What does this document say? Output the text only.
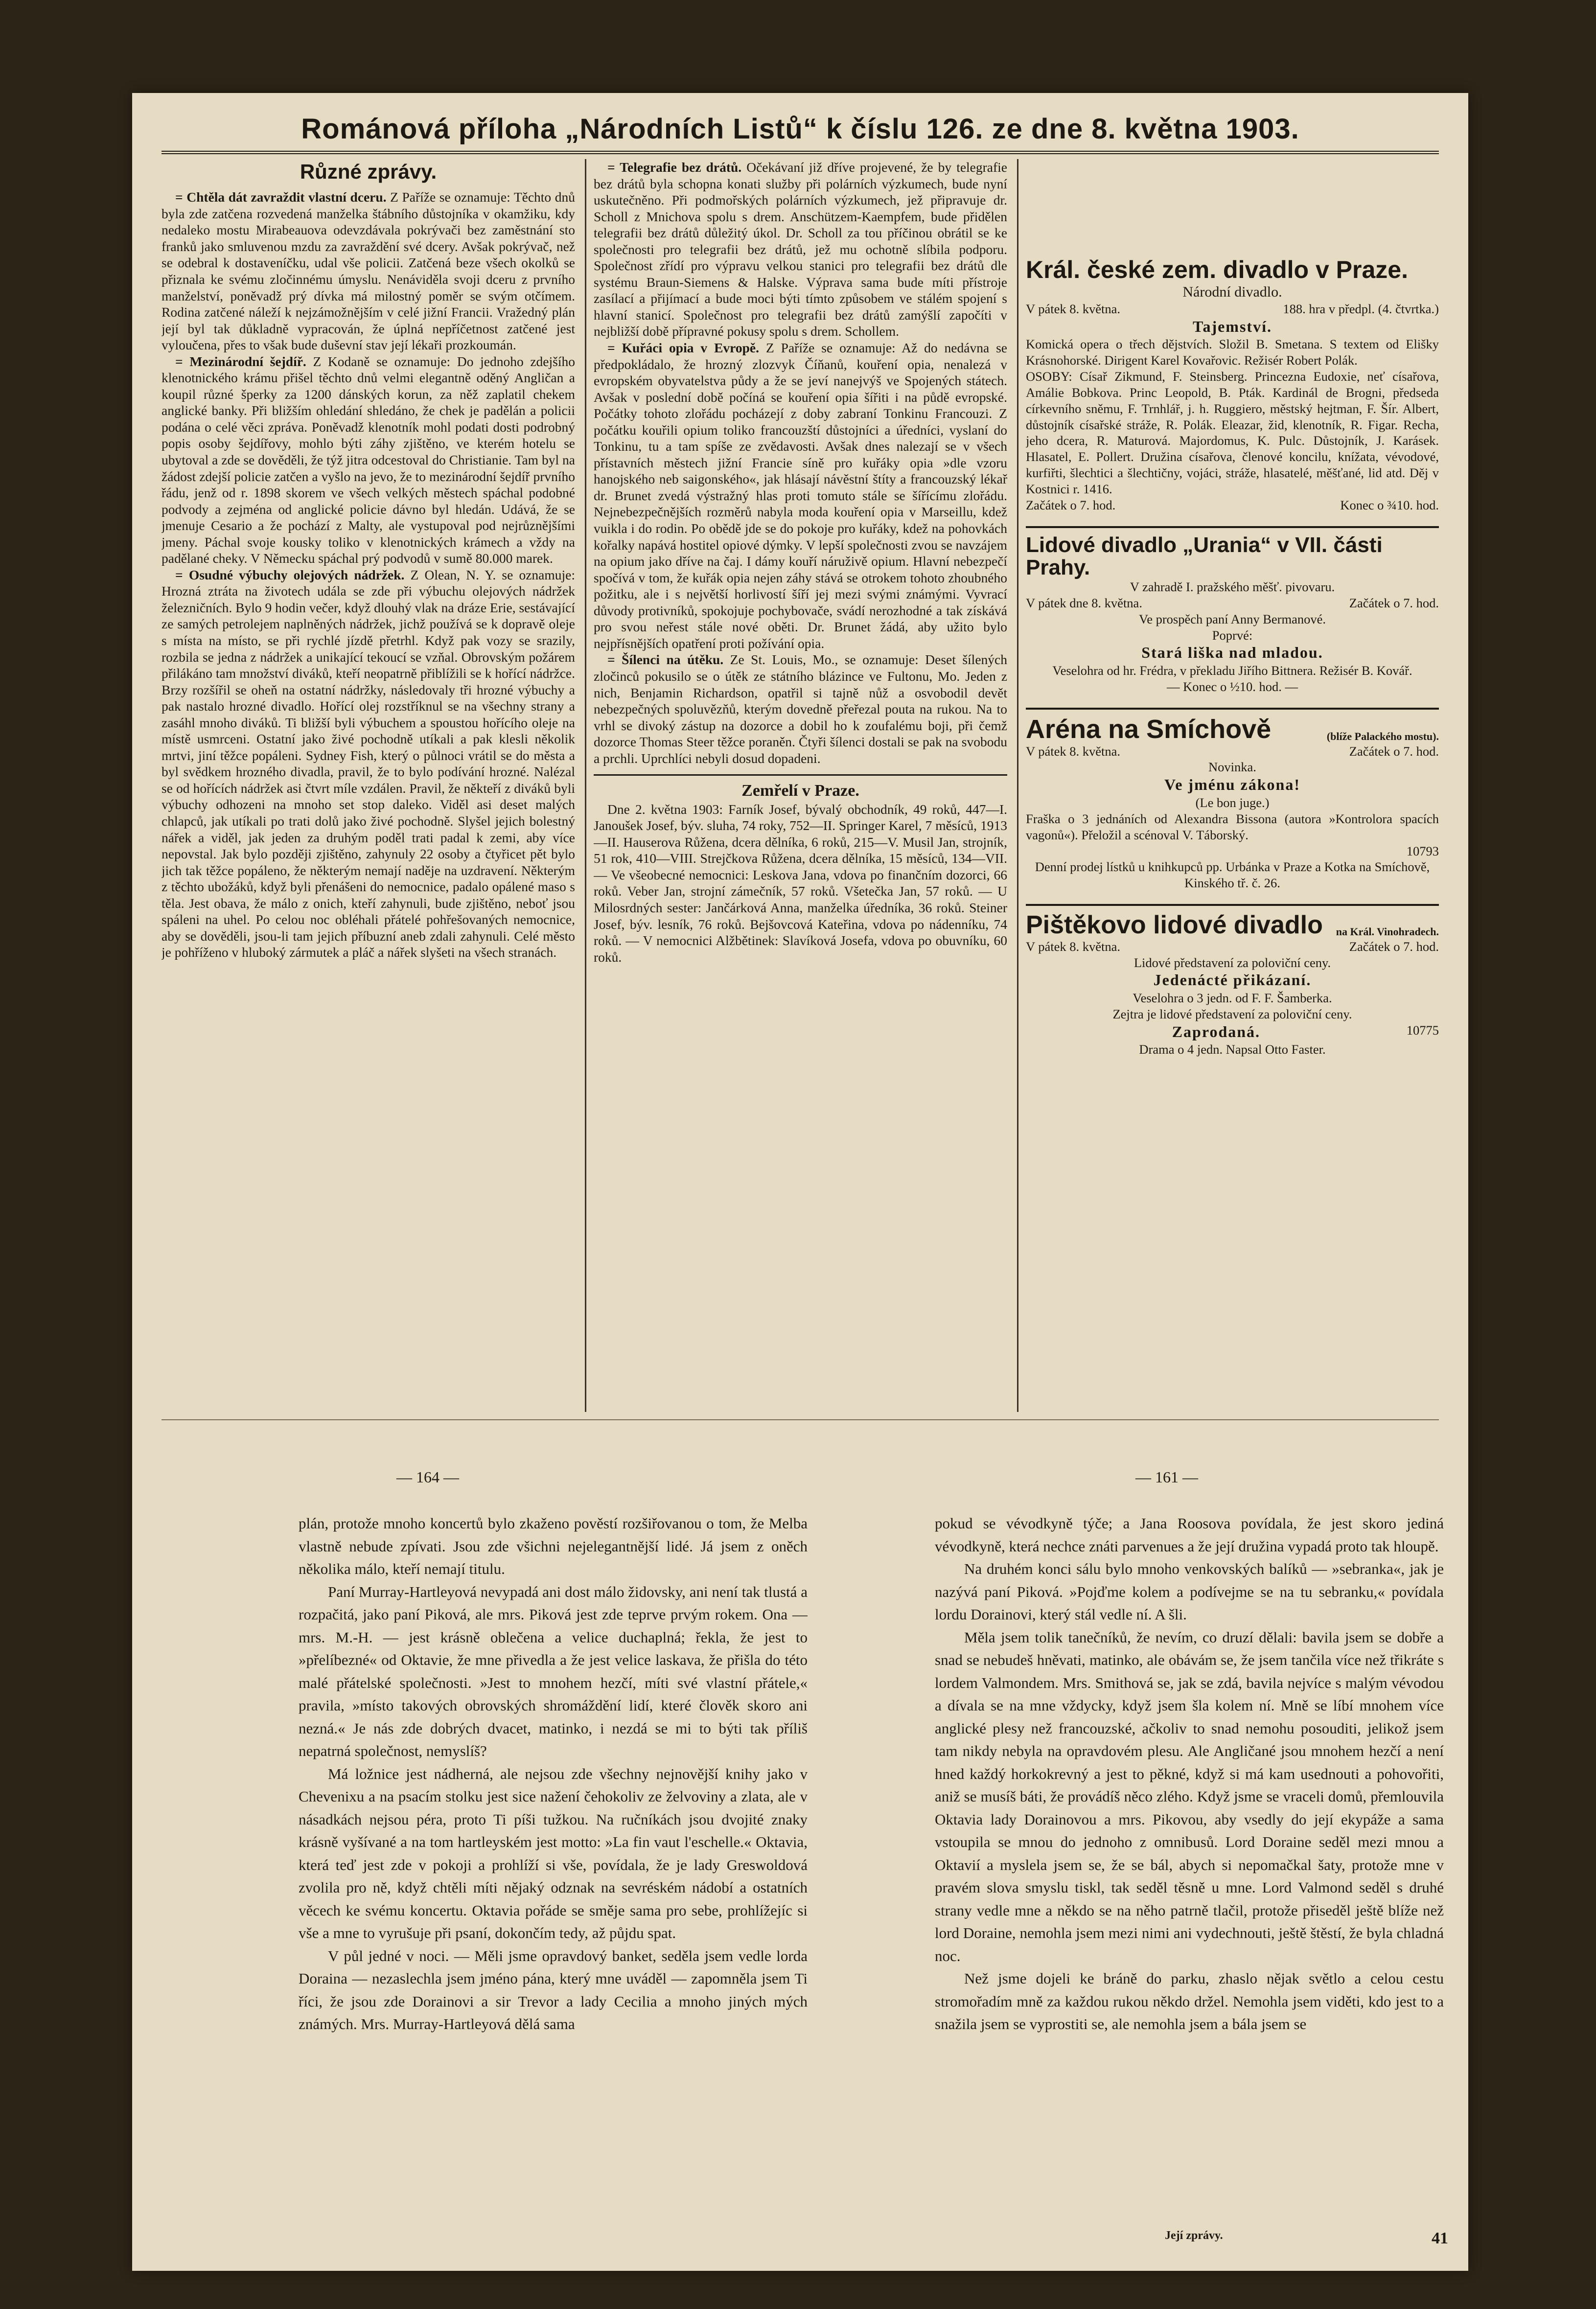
Románová příloha „Národních Listů“ k číslu 126. ze dne 8. května 1903.
Různé zprávy.

= Chtěla dát zavraždit vlastní dceru. Z Paříže se oznamuje: Těchto dnů byla zde zatčena rozvedená manželka štábního důstojníka v okamžiku, kdy nedaleko mostu Mirabeauova odevzdávala pokrývači bez zaměstnání sto franků jako smluvenou mzdu za zavraždění své dcery. Avšak pokrývač, než se odebral k dostaveníčku, udal vše policii. Zatčená beze všech okolků se přiznala ke svému zločinnému úmyslu. Nenáviděla svoji dceru z prvního manželství, poněvadž prý dívka má milostný poměr se svým otčímem. Rodina zatčené náleží k nejzámožnějším v celé jižní Francii. Vražedný plán její byl tak důkladně vypracován, že úplná nepříčetnost zatčené jest vyloučena, přes to však bude duševní stav její lékaři prozkoumán.

= Mezinárodní šejdíř. Z Kodaně se oznamuje: Do jednoho zdejšího klenotnického krámu přišel těchto dnů velmi elegantně oděný Angličan a koupil různé šperky za 1200 dánských korun, za něž zaplatil chekem anglické banky. Při bližším ohledání shledáno, že chek je padělán a policii podána o celé věci zpráva. Poněvadž klenotník mohl podati dosti podrobný popis osoby šejdířovy, mohlo býti záhy zjištěno, ve kterém hotelu se ubytoval a zde se dověděli, že týž jitra odcestoval do Christianie. Tam byl na žádost zdejší policie zatčen a vyšlo na jevo, že to mezinárodní šejdíř prvního řádu, jenž od r. 1898 skorem ve všech velkých městech spáchal podobné podvody a zejména od anglické policie dávno byl hledán. Udává, že se jmenuje Cesario a že pochází z Malty, ale vystupoval pod nejrůznějšími jmeny. Páchal svoje kousky toliko v klenotnických krámech a vždy na padělané cheky. V Německu spáchal prý podvodů v sumě 80.000 marek.

= Osudné výbuchy olejových nádržek. Z Olean, N. Y. se oznamuje: Hrozná ztráta na životech udála se zde při výbuchu olejových nádržek železničních. Bylo 9 hodin večer, když dlouhý vlak na dráze Erie, sestávající ze samých petrolejem naplněných nádržek, jichž používá se k dopravě oleje s místa na místo, se při rychlé jízdě přetrhl. Když pak vozy se srazily, rozbila se jedna z nádržek a unikající tekoucí se vzňal. Obrovským požárem přilákáno tam množství diváků, kteří neopatrně přiblížili se k hořící nádržce. Brzy rozšířil se oheň na ostatní nádržky, následovaly tři hrozné výbuchy a pak nastalo hrozné divadlo. Hořící olej rozstříknul se na všechny strany a zasáhl mnoho diváků. Ti bližší byli výbuchem a spoustou hořícího oleje na místě usmrceni. Ostatní jako živé pochodně utíkali a pak klesli několik mrtvi, jiní těžce popáleni. Sydney Fish, který o půlnoci vrátil se do města a byl svědkem hrozného divadla, pravil, že to bylo podívání hrozné. Nalézal se od hořících nádržek asi čtvrt míle vzdálen. Pravil, že někteří z diváků byli výbuchy odhozeni na mnoho set stop daleko. Viděl asi deset malých chlapců, jak utíkali po trati dolů jako živé pochodně. Slyšel jejich bolestný nářek a viděl, jak jeden za druhým poděl trati padal k zemi, aby více nepovstal. Jak bylo později zjištěno, zahynuly 22 osoby a čtyřicet pět bylo jich tak těžce popáleno, že některým nemají naděje na uzdravení. Některým z těchto ubožáků, když byli přenášeni do nemocnice, padalo opálené maso s těla. Jest obava, že málo z onich, kteří zahynuli, bude zjištěno, neboť jsou spáleni na uhel. Po celou noc obléhali přátelé pohřešovaných nemocnice, aby se dověděli, jsou-li tam jejich příbuzní aneb zdali zahynuli. Celé město je pohříženo v hluboký zármutek a pláč a nářek slyšeti na všech stranách.

= Telegrafie bez drátů. Očekávaní již dříve projevené, že by telegrafie bez drátů byla schopna konati služby při polárních výzkumech, bude nyní uskutečněno. Při podmořských polárních výzkumech, jež připravuje dr. Scholl z Mnichova spolu s drem. Anschützem-Kaempfem, bude přidělen telegrafii bez drátů důležitý úkol. Dr. Scholl za tou příčinou obrátil se ke společnosti pro telegrafii bez drátů, jež mu ochotně slíbila podporu. Společnost zřídí pro výpravu velkou stanici pro telegrafii bez drátů dle systému Braun-Siemens & Halske. Výprava sama bude míti přístroje zasílací a přijímací a bude moci býti tímto způsobem ve stálém spojení s hlavní stanicí. Společnost pro telegrafii bez drátů zamýšlí započíti v nejbližší době přípravné pokusy spolu s drem. Schollem.

= Kuřáci opia v Evropě. Z Paříže se oznamuje: Až do nedávna se předpokládalo, že hrozný zlozvyk Číňanů, kouření opia, nenalezá v evropském obyvatelstva půdy a že se jeví nanejvýš ve Spojených státech. Avšak v poslední době počíná se kouření opia šířiti i na půdě evropské. Počátky tohoto zlořádu pocházejí z doby zabraní Tonkinu Francouzi. Z počátku kouřili opium toliko francouzští důstojníci a úředníci, vyslaní do Tonkinu, tu a tam spíše ze zvědavosti. Avšak dnes nalezají se v všech přístavních městech jižní Francie síně pro kuřáky opia »dle vzoru hanojského neb saigonského«, jak hlásají návěstní štíty a francouzský lékař dr. Brunet zvedá výstražný hlas proti tomuto stále se šířícímu zlořádu. Nejnebezpečnějších rozměrů nabyla moda kouření opia v Marseillu, kdež vuikla i do rodin. Po obědě jde se do pokoje pro kuřáky, kdež na pohovkách kořalky napává hostitel opiové dýmky. V lepší společnosti zvou se navzájem na opium jako dříve na čaj. I dámy kouří náruživě opium. Hlavní nebezpečí spočívá v tom, že kuřák opia nejen záhy stává se otrokem tohoto zhoubného požitku, ale i s největší horlivostí šíří jej mezi svými známými. Vyvrací důvody protivníků, spokojuje pochybovače, svádí nerozhodné a tak získává pro svou neřest stále nové oběti. Dr. Brunet žádá, aby užito bylo nejpřísnějších opatření proti požívání opia.

= Šílenci na útěku. Ze St. Louis, Mo., se oznamuje: Deset šílených zločinců pokusilo se o útěk ze státního blázince ve Fultonu, Mo. Jeden z nich, Benjamin Richardson, opatřil si tajně nůž a osvobodil devět nebezpečných spoluvězňů, kterým dovedně přeřezal pouta na rukou. Na to vrhl se divoký zástup na dozorce a dobil ho k zoufalému boji, při čemž dozorce Thomas Steer těžce poraněn. Čtyři šílenci dostali se pak na svobodu a prchli. Uprchlíci nebyli dosud dopadeni.

Zemřelí v Praze.

Dne 2. května 1903: Farník Josef, bývalý obchodník, 49 roků, 447—I. Janoušek Josef, býv. sluha, 74 roky, 752—II. Springer Karel, 7 měsíců, 1913—II. Hauserova Růžena, dcera dělníka, 6 roků, 215—V. Musil Jan, strojník, 51 rok, 410—VIII. Strejčkova Růžena, dcera dělníka, 15 měsíců, 134—VII. — Ve všeobecné nemocnici: Leskova Jana, vdova po finančním dozorci, 66 roků. Veber Jan, strojní zámečník, 57 roků. Všetečka Jan, 57 roků. — U Milosrdných sester: Jančárková Anna, manželka úředníka, 36 roků. Steiner Josef, býv. lesník, 76 roků. Bejšovcová Kateřina, vdova po nádenníku, 74 roků. — V nemocnici Alžbětinek: Slavíková Josefa, vdova po obuvníku, 60 roků.

Král. české zem. divadlo v Praze.
Národní divadlo.
V pátek 8. května.	188. hra v předpl. (4. čtvrtka.)
Tajemství.

Komická opera o třech dějstvích. Složil B. Smetana. S textem od Elišky Krásnohorské. Dirigent Karel Kovařovic. Režisér Robert Polák.

OSOBY: Císař Zikmund, F. Steinsberg. Princezna Eudoxie, neť císařova, Amálie Bobkova. Princ Leopold, B. Pták. Kardinál de Brogni, předseda církevního sněmu, F. Trnhlář, j. h. Ruggiero, městský hejtman, F. Šír. Albert, důstojník císařské stráže, R. Polák. Eleazar, žid, klenotník, R. Figar. Recha, jeho dcera, R. Maturová. Majordomus, K. Pulc. Důstojník, J. Karásek. Hlasatel, E. Pollert. Družina císařova, členové koncilu, knížata, vévodové, kurfiřti, šlechtici a šlechtičny, vojáci, stráže, hlasatelé, měšťané, lid atd. Děj v Kostnici r. 1416.

Začátek o 7. hod.	Konec o ¾10. hod.
Lidové divadlo „Urania“ v VII. části Prahy.
V zahradě I. pražského měšť. pivovaru.
V pátek dne 8. května.	Začátek o 7. hod.
Ve prospěch paní Anny Bermanové.
Poprvé:
Stará liška nad mladou.

Veselohra od hr. Frédra, v překladu Jiřího Bittnera. Režisér B. Kovář.

— Konec o ½10. hod. —
Aréna na Smíchově	(blíže Palackého mostu).
V pátek 8. května.	Začátek o 7. hod.
Novinka.
Ve jménu zákona!
(Le bon juge.)

Fraška o 3 jednáních od Alexandra Bissona (autora »Kontrolora spacích vagonů«). Přeložil a scénoval V. Táborský.

10793

Denní prodej lístků u knihkupců pp. Urbánka v Praze a Kotka na Smíchově, Kinského tř. č. 26.

Pištěkovo lidové divadlo na Král. Vinohradech.
V pátek 8. května.	Začátek o 7. hod.
Lidové představení za poloviční ceny.
Jedenácté přikázaní.
Veselohra o 3 jedn. od F. F. Šamberka.
Zejtra je lidové představení za poloviční ceny.
Zaprodaná.	10775
Drama o 4 jedn. Napsal Otto Faster.
— 164 —	— 161 —

plán, protože mnoho koncertů bylo zkaženo pověstí rozšiřovanou o tom, že Melba vlastně nebude zpívati. Jsou zde všichni nejelegantnější lidé. Já jsem z oněch několika málo, kteří nemají titulu.

Paní Murray-Hartleyová nevypadá ani dost málo židovsky, ani není tak tlustá a rozpačitá, jako paní Piková, ale mrs. Piková jest zde teprve prvým rokem. Ona — mrs. M.-H. — jest krásně oblečena a velice duchaplná; řekla, že jest to »přelíbezné« od Oktavie, že mne přivedla a že jest velice laskava, že přišla do této malé přátelské společnosti. »Jest to mnohem hezčí, míti své vlastní přátele,« pravila, »místo takových obrovských shromáždění lidí, které člověk skoro ani nezná.« Je nás zde dobrých dvacet, matinko, i nezdá se mi to býti tak příliš nepatrná společnost, nemyslíš?

Má ložnice jest nádherná, ale nejsou zde všechny nejnovější knihy jako v Chevenixu a na psacím stolku jest sice nažení čehokoliv ze želvoviny a zlata, ale v násadkách nejsou péra, proto Ti píši tužkou. Na ručníkách jsou dvojité znaky krásně vyšívané a na tom hartleyském jest motto: »La fin vaut l'eschelle.« Oktavia, která teď jest zde v pokoji a prohlíží si vše, povídala, že je lady Greswoldová zvolila pro ně, když chtěli míti nějaký odznak na sevréském nádobí a ostatních věcech ke svému koncertu. Oktavia pořáde se směje sama pro sebe, prohlížejíc si vše a mne to vyrušuje při psaní, dokončím tedy, až půjdu spat.

V půl jedné v noci. — Měli jsme opravdový banket, seděla jsem vedle lorda Doraina — nezaslechla jsem jméno pána, který mne uváděl — zapomněla jsem Ti říci, že jsou zde Dorainovi a sir Trevor a lady Cecilia a mnoho jiných mých známých. Mrs. Murray-Hartleyová dělá sama

pokud se vévodkyně týče; a Jana Roosova povídala, že jest skoro jediná vévodkyně, která nechce znáti parvenues a že její družina vypadá proto tak hloupě.

Na druhém konci sálu bylo mnoho venkovských balíků — »sebranka«, jak je nazývá paní Piková. »Pojďme kolem a podívejme se na tu sebranku,« povídala lordu Dorainovi, který stál vedle ní. A šli.

Měla jsem tolik tanečníků, že nevím, co druzí dělali: bavila jsem se dobře a snad se nebudeš hněvati, matinko, ale obávám se, že jsem tančila více než třikráte s lordem Valmondem. Mrs. Smithová se, jak se zdá, bavila nejvíce s malým vévodou a dívala se na mne vždycky, když jsem šla kolem ní. Mně se líbí mnohem více anglické plesy než francouzské, ačkoliv to snad nemohu posouditi, jelikož jsem tam nikdy nebyla na opravdovém plesu. Ale Angličané jsou mnohem hezčí a není hned každý horkokrevný a jest to pěkné, když si má kam usednouti a pohovořiti, aniž se musíš báti, že provádíš něco zlého. Když jsme se vraceli domů, přemlouvila Oktavia lady Dorainovou a mrs. Pikovou, aby vsedly do její ekypáže a sama vstoupila se mnou do jednoho z omnibusů. Lord Doraine seděl mezi mnou a Oktavií a myslela jsem se, že se bál, abych si nepomačkal šaty, protože mne v pravém slova smyslu tiskl, tak seděl těsně u mne. Lord Valmond seděl s druhé strany vedle mne a někdo se na něho patrně tlačil, protože přiseděl ještě blíže než lord Doraine, nemohla jsem mezi nimi ani vydechnouti, ještě štěstí, že byla chladná noc.

Než jsme dojeli ke bráně do parku, zhaslo nějak světlo a celou cestu stromořadím mně za každou rukou někdo držel. Nemohla jsem viděti, kdo jest to a snažila jsem se vyprostiti se, ale nemohla jsem a bála jsem se

Její zprávy.	41
